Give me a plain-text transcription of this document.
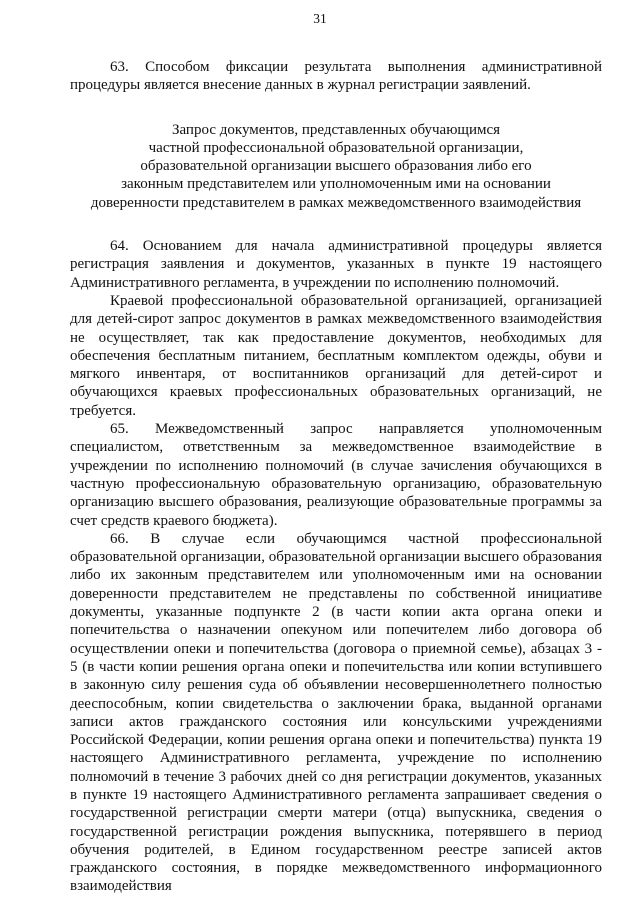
31

63. Способом фиксации результата выполнения административной процедуры является внесение данных в журнал регистрации заявлений.

Запрос документов, представленных обучающимся
частной профессиональной образовательной организации,
образовательной организации высшего образования либо его
законным представителем или уполномоченным ими на основании
доверенности представителем в рамках межведомственного взаимодействия

64. Основанием для начала административной процедуры является регистрация заявления и документов, указанных в пункте 19 настоящего Административного регламента, в учреждении по исполнению полномочий.

Краевой профессиональной образовательной организацией, организацией для детей-сирот запрос документов в рамках межведомственного взаимодействия не осуществляет, так как предоставление документов, необходимых для обеспечения бесплатным питанием, бесплатным комплектом одежды, обуви и мягкого инвентаря, от воспитанников организаций для детей-сирот и обучающихся краевых профессиональных образовательных организаций, не требуется.

65. Межведомственный запрос направляется уполномоченным специалистом, ответственным за межведомственное взаимодействие в учреждении по исполнению полномочий (в случае зачисления обучающихся в частную профессиональную образовательную организацию, образовательную организацию высшего образования, реализующие образовательные программы за счет средств краевого бюджета).

66. В случае если обучающимся частной профессиональной образовательной организации, образовательной организации высшего образования либо их законным представителем или уполномоченным ими на основании доверенности представителем не представлены по собственной инициативе документы, указанные подпункте 2 (в части копии акта органа опеки и попечительства о назначении опекуном или попечителем либо договора об осуществлении опеки и попечительства (договора о приемной семье), абзацах 3 - 5 (в части копии решения органа опеки и попечительства или копии вступившего в законную силу решения суда об объявлении несовершеннолетнего полностью дееспособным, копии свидетельства о заключении брака, выданной органами записи актов гражданского состояния или консульскими учреждениями Российской Федерации, копии решения органа опеки и попечительства) пункта 19 настоящего Административного регламента, учреждение по исполнению полномочий в течение 3 рабочих дней со дня регистрации документов, указанных в пункте 19 настоящего Административного регламента запрашивает сведения о государственной регистрации смерти матери (отца) выпускника, сведения о государственной регистрации рождения выпускника, потерявшего в период обучения родителей, в Едином государственном реестре записей актов гражданского состояния, в порядке межведомственного информационного взаимодействия
